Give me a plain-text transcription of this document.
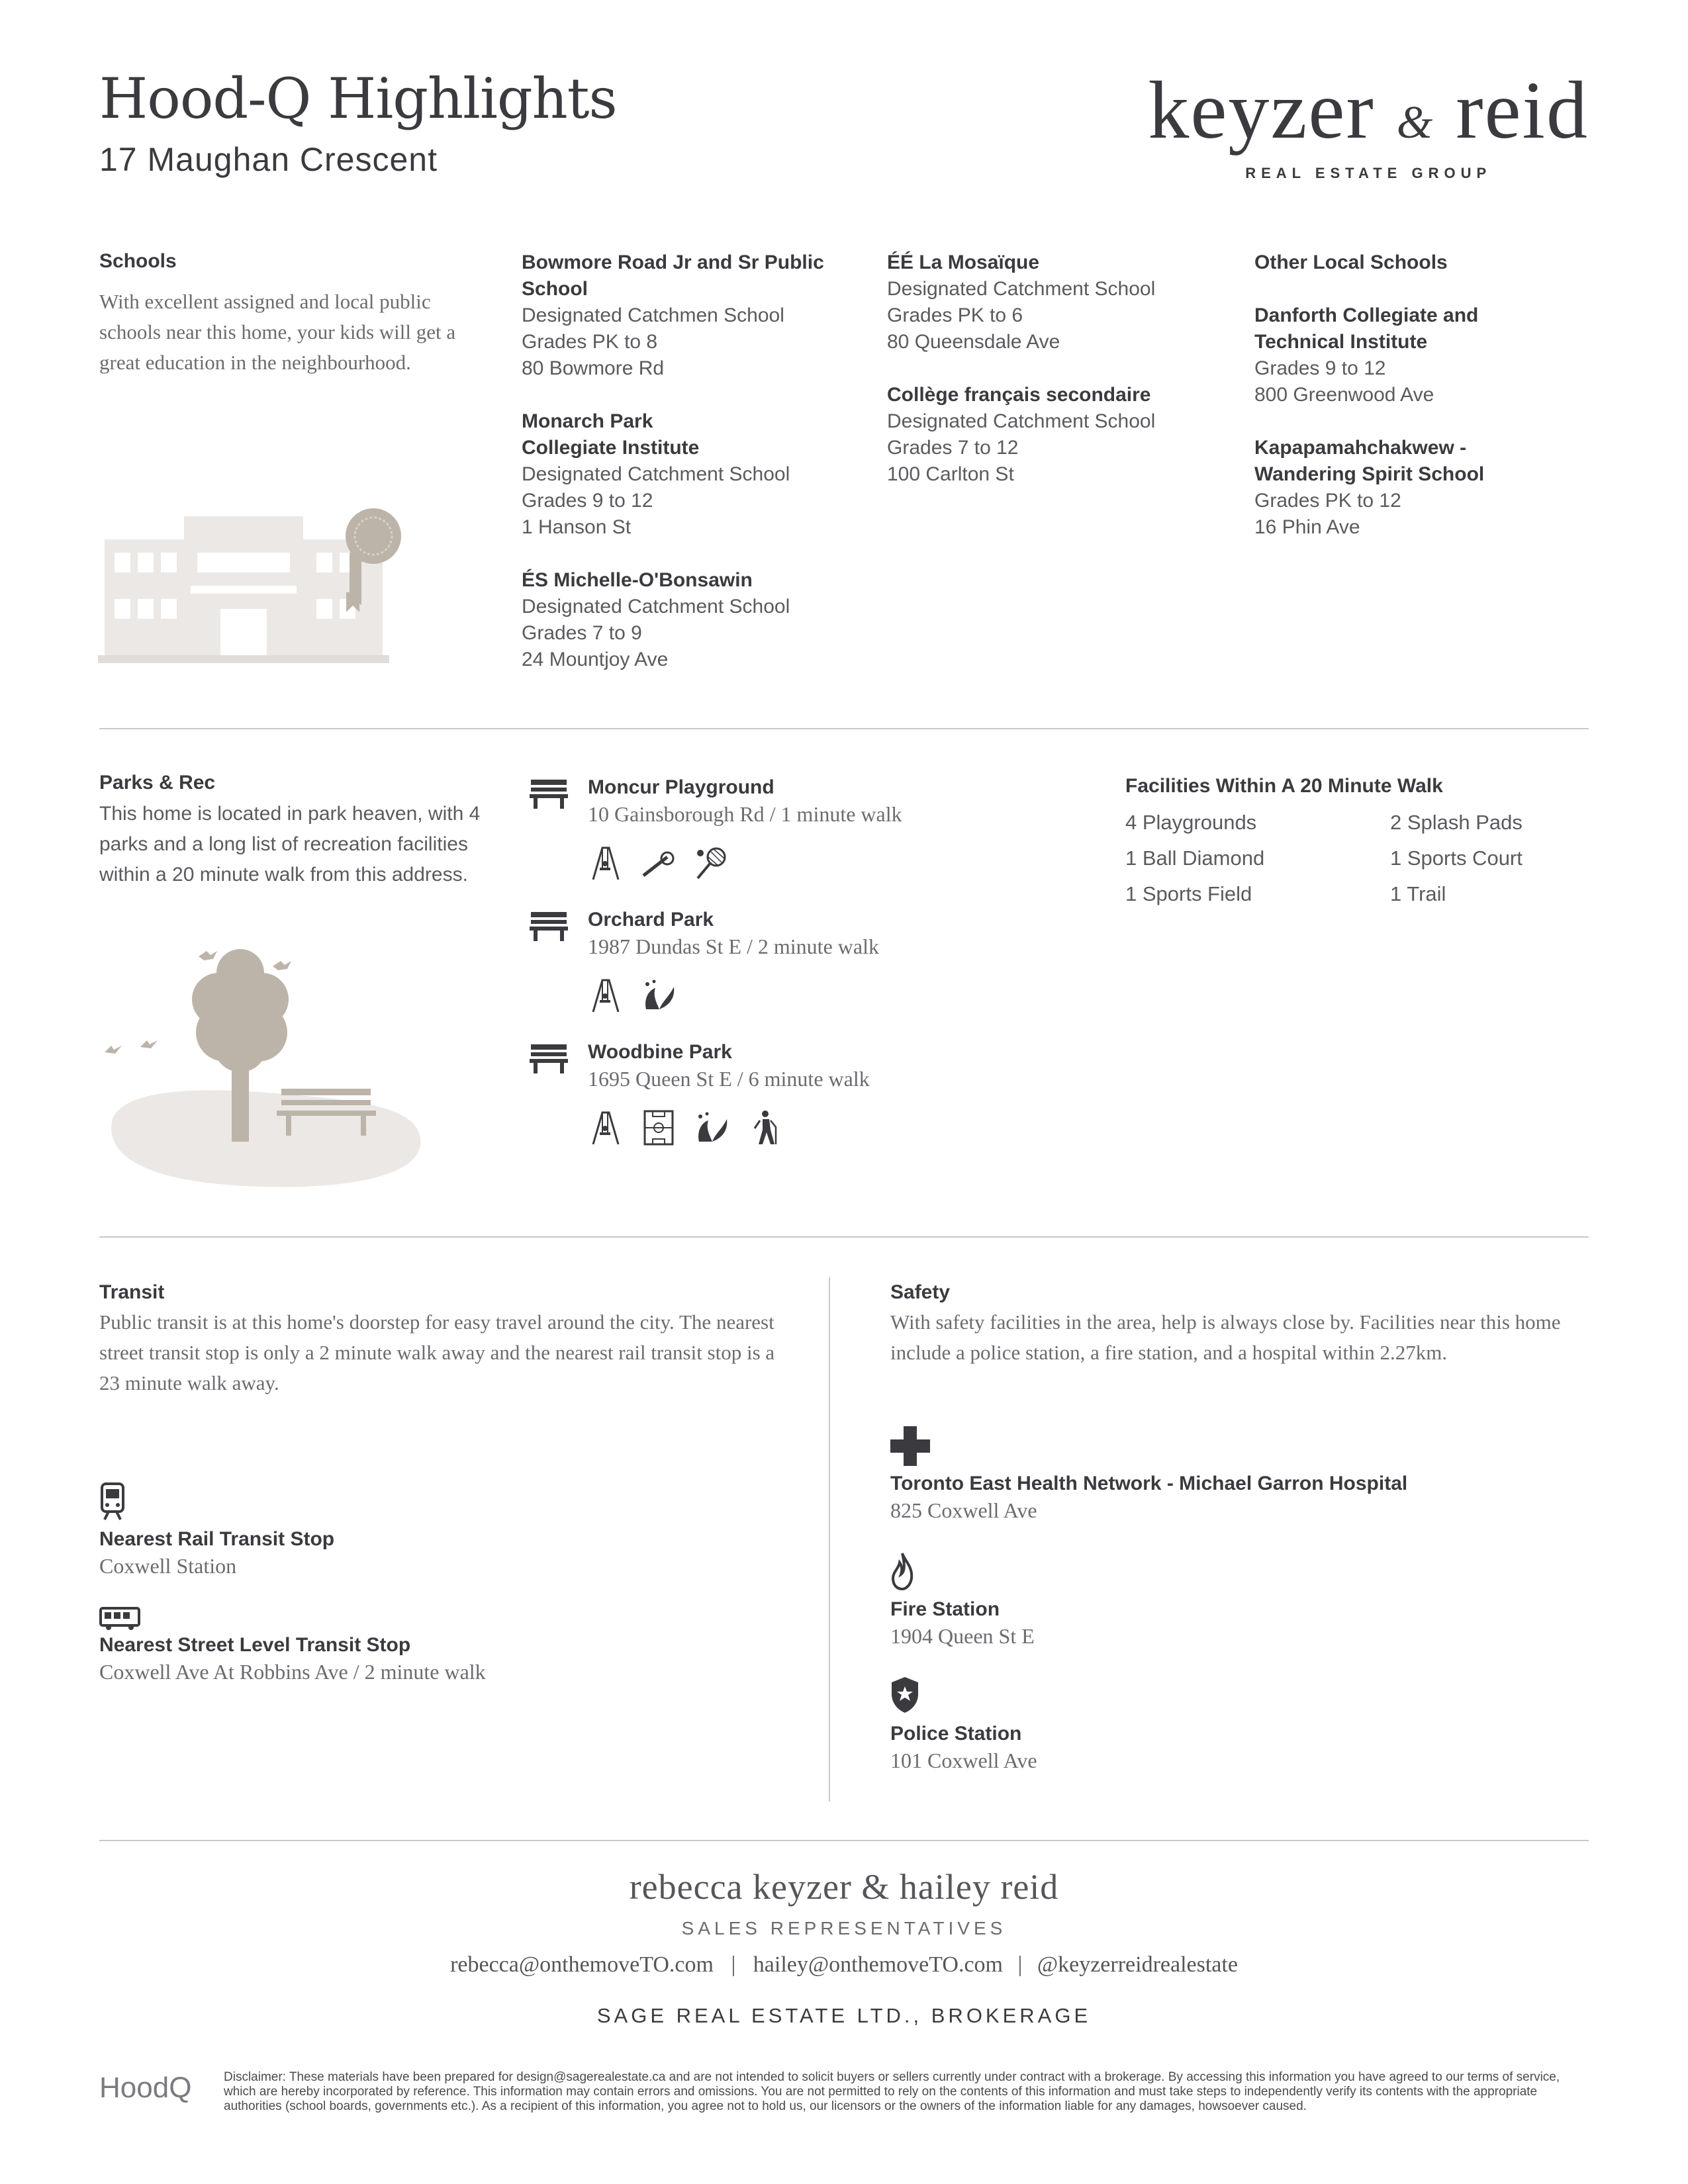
Hood-Q Highlights
17 Maughan Crescent
keyzer & reid
REAL ESTATE GROUP
Schools

With excellent assigned and local public schools near this home, your kids will get a great education in the neighbourhood.

Bowmore Road Jr and Sr Public School
Designated Catchmen School
Grades PK to 8
80 Bowmore Rd
Monarch Park Collegiate Institute
Designated Catchment School
Grades 9 to 12
1 Hanson St
ÉS Michelle-O'Bonsawin
Designated Catchment School
Grades 7 to 9
24 Mountjoy Ave
ÉÉ La Mosaïque
Designated Catchment School
Grades PK to 6
80 Queensdale Ave
Collège français secondaire
Designated Catchment School
Grades 7 to 12
100 Carlton St
Other Local Schools
Danforth Collegiate and Technical Institute
Grades 9 to 12
800 Greenwood Ave
Kapapamahchakwew - Wandering Spirit School
Grades PK to 12
16 Phin Ave
Parks & Rec

This home is located in park heaven, with 4 parks and a long list of recreation facilities within a 20 minute walk from this address.

Moncur Playground
10 Gainsborough Rd / 1 minute walk
Orchard Park
1987 Dundas St E / 2 minute walk
Woodbine Park
1695 Queen St E / 6 minute walk
Facilities Within A 20 Minute Walk
4 Playgrounds	2 Splash Pads
1 Ball Diamond	1 Sports Court
1 Sports Field	1 Trail
Transit

Public transit is at this home's doorstep for easy travel around the city. The nearest street transit stop is only a 2 minute walk away and the nearest rail transit stop is a 23 minute walk away.

Nearest Rail Transit Stop
Coxwell Station
Nearest Street Level Transit Stop
Coxwell Ave At Robbins Ave / 2 minute walk
Safety

With safety facilities in the area, help is always close by. Facilities near this home include a police station, a fire station, and a hospital within 2.27km.

Toronto East Health Network - Michael Garron Hospital
825 Coxwell Ave
Fire Station
1904 Queen St E
Police Station
101 Coxwell Ave
rebecca keyzer & hailey reid
SALES REPRESENTATIVES
rebecca@onthemoveTO.com | hailey@onthemoveTO.com | @keyzerreidrealestate
SAGE REAL ESTATE LTD., BROKERAGE
HoodQ	Disclaimer: These materials have been prepared for design@sagerealestate.ca and are not intended to solicit buyers or sellers currently under contract with a brokerage. By accessing this information you have agreed to our terms of service, which are hereby incorporated by reference. This information may contain errors and omissions. You are not permitted to rely on the contents of this information and must take steps to independently verify its contents with the appropriate authorities (school boards, governments etc.). As a recipient of this information, you agree not to hold us, our licensors or the owners of the information liable for any damages, howsoever caused.
